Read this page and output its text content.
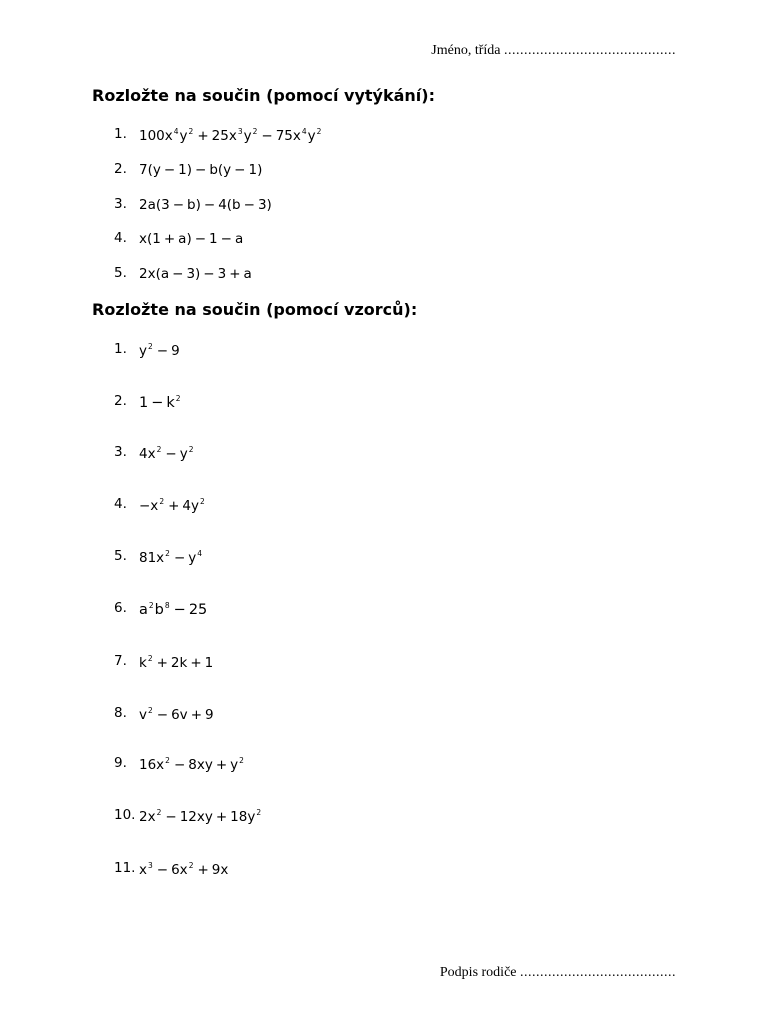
Jméno, třída ...........................................
Rozložte na součin (pomocí vytýkání):
1. $100x^4y^2 + 25x^3y^2 - 75x^4y^2$
2. 7(y − 1) − b(y − 1)
3. 2a(3 − b) − 4(b − 3)
4. x(1 + a) − 1 − a
5. 2x(a − 3) − 3 + a
Rozložte na součin (pomocí vzorců):
1. $y^2 - 9$
2. $1 - k^2$
3. $4x^2 - y^2$
4. $-x^2 + 4y^2$
5. $81x^2 - y^4$
6. $a^2b^8 - 25$
7. $k^2 + 2k + 1$
8. $v^2 - 6v + 9$
9. $16x^2 - 8xy + y^2$
10. $2x^2 - 12xy + 18y^2$
11. $x^3 - 6x^2 + 9x$
Podpis rodiče .......................................
